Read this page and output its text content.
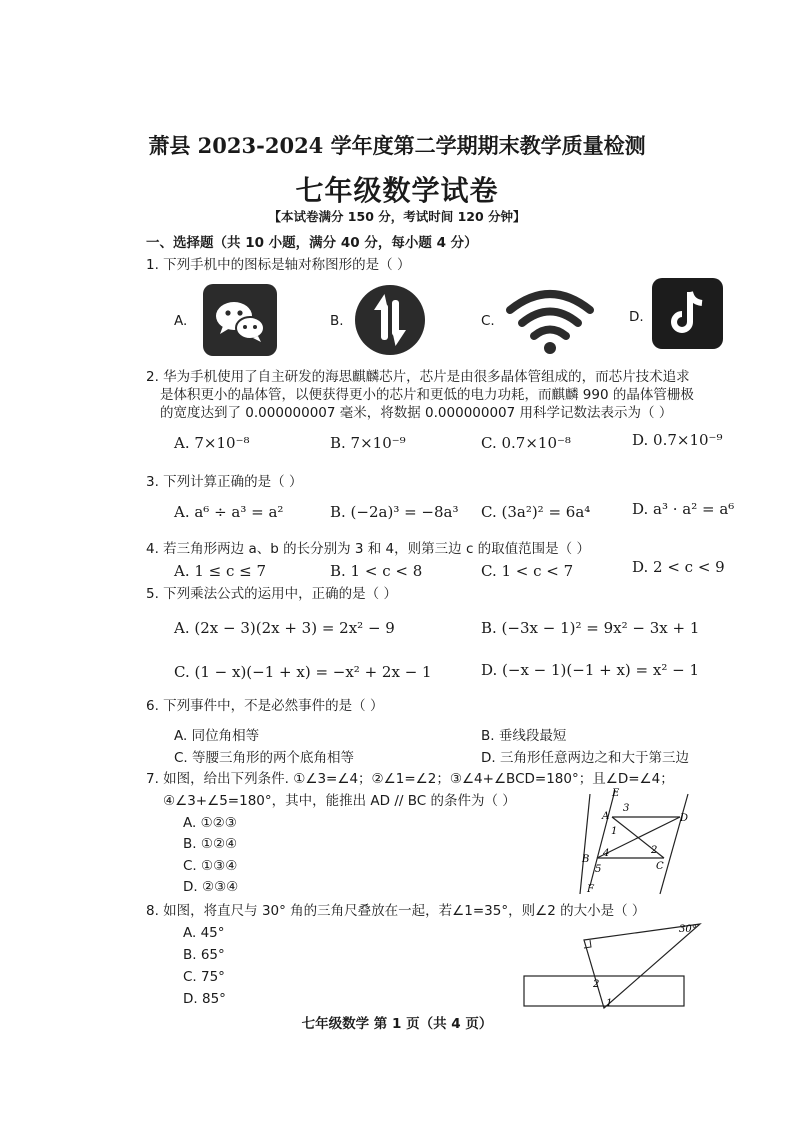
萧县 2023-2024 学年度第二学期期末教学质量检测
七年级数学试卷
【本试卷满分 150 分，考试时间 120 分钟】
一、选择题（共 10 小题，满分 40 分，每小题 4 分）
1. 下列手机中的图标是轴对称图形的是（ ）
A.	B.	C.	D.
2. 华为手机使用了自主研发的海思麒麟芯片，芯片是由很多晶体管组成的，而芯片技术追求
是体积更小的晶体管，以便获得更小的芯片和更低的电力功耗，而麒麟 990 的晶体管栅极
的宽度达到了 0.000000007 毫米，将数据 0.000000007 用科学记数法表示为（ ）
A. 7×10⁻⁸	B. 7×10⁻⁹	C. 0.7×10⁻⁸	D. 0.7×10⁻⁹
3. 下列计算正确的是（ ）
A. a⁶ ÷ a³ = a²	B. (−2a)³ = −8a³ C. (3a²)² = 6a⁴	D. a³ · a² = a⁶
4. 若三角形两边 a、b 的长分别为 3 和 4，则第三边 c 的取值范围是（ ）
A. 1 ≤ c ≤ 7	B. 1 < c < 8	C. 1 < c < 7	D. 2 < c < 9
5. 下列乘法公式的运用中，正确的是（ ）
A. (2x − 3)(2x + 3) = 2x² − 9	B. (−3x − 1)² = 9x² − 3x + 1
C. (1 − x)(−1 + x) = −x² + 2x − 1	D. (−x − 1)(−1 + x) = x² − 1
6. 下列事件中，不是必然事件的是（ ）
A. 同位角相等	B. 垂线段最短
C. 等腰三角形的两个底角相等	D. 三角形任意两边之和大于第三边
7. 如图，给出下列条件. ①∠3=∠4；②∠1=∠2；③∠4+∠BCD=180°；且∠D=∠4；
④∠3+∠5=180°，其中，能推出 AD // BC 的条件为（ ）
A. ①②③
B. ①②④
C. ①③④
D. ②③④
E
3
A
1
D
2
4
B
5	C
F
8. 如图，将直尺与 30° 角的三角尺叠放在一起，若∠1=35°，则∠2 的大小是（ ）
A. 45°
B. 65°
C. 75°
D. 85°
30°
2
1
七年级数学 第 1 页（共 4 页）
